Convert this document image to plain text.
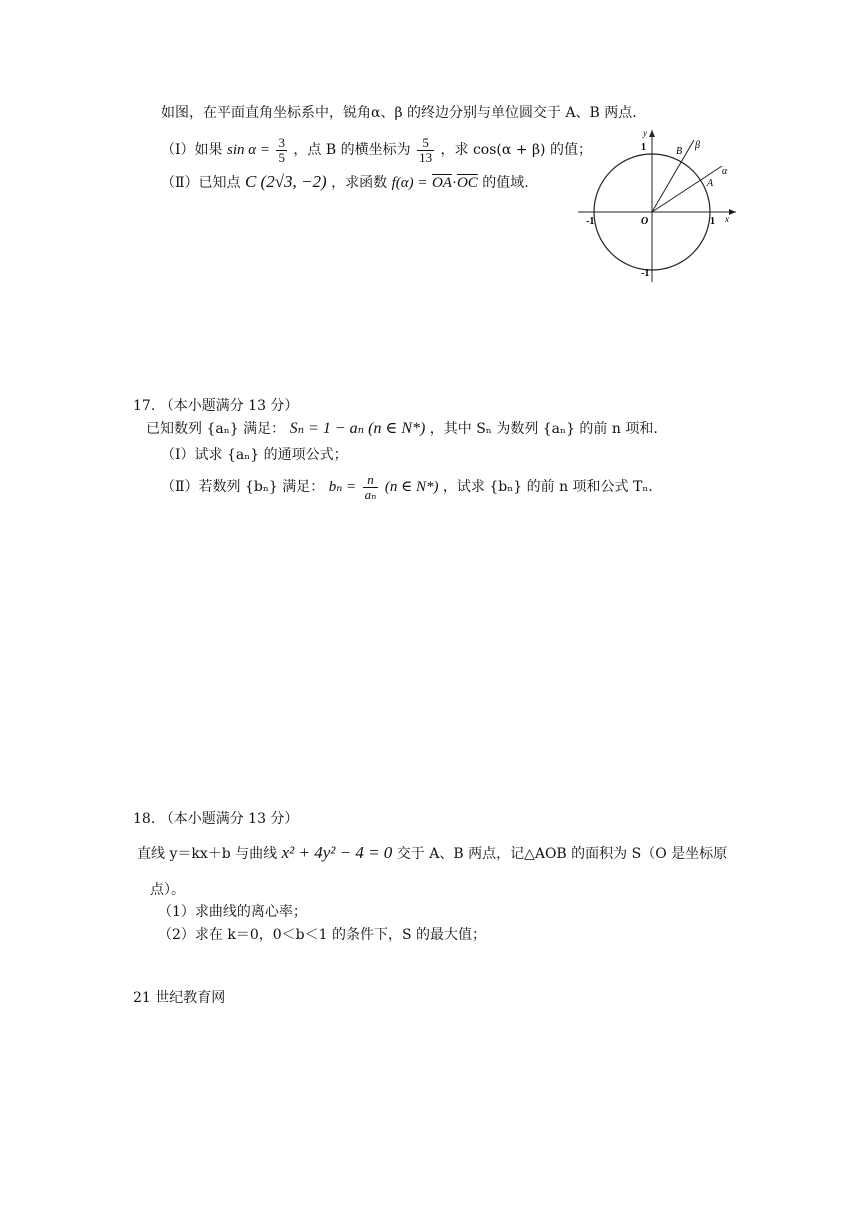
如图，在平面直角坐标系中，锐角α、β 的终边分别与单位圆交于 A、B 两点.
（Ⅰ）如果 $\sin \alpha = \frac{3}{5}$ ，点 B 的横坐标为 $\frac{5}{13}$ ，求 cos(α + β) 的值；
（Ⅱ）已知点 C (2√3, −2) ，求函数 $f(\alpha) = \overline{OA}\cdot\overline{OC}$ 的值域.
y
x
O
1
-1
1
-1
B
A
β
α
17. （本小题满分 13 分）
已知数列 {aₙ} 满足： Sₙ = 1 − aₙ (n ∈ N*) ，其中 Sₙ 为数列 {aₙ} 的前 n 项和.
（Ⅰ）试求 {aₙ} 的通项公式；
（Ⅱ）若数列 {bₙ} 满足： $b_n = \frac{n}{\text{aₙ}} (n$ ∈ N*) ，试求 {bₙ} 的前 n 项和公式 Tₙ.
18. （本小题满分 13 分）
直线 y＝kx＋b 与曲线 x² + 4y² − 4 = 0 交于 A、B 两点，记△AOB 的面积为 S（O 是坐标原
点）。
（1）求曲线的离心率；
（2）求在 k＝0，0＜b＜1 的条件下，S 的最大值；
21 世纪教育网
